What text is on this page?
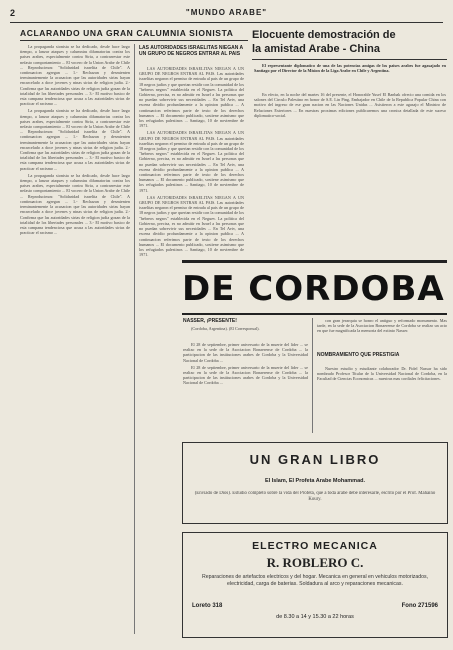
2	"MUNDO ARABE"
ACLARANDO UNA GRAN CALUMNIA SIONISTA

La propaganda sionista se ha dedicado, desde hace largo tiempo, a lanzar ataques y calumnias difamatorias contra los paises arabes, especialmente contra Siria, a contrarrestar este nefasto comportamiento ... El vocero de la Union Arabe de Chile ... Reproducimos: "Solidaridad israelita de Chile". A continuacion agregan ... 1.- Rechazan y desmienten terminantemente la acusacion que las autoridades sirias hayan encarcelado a doce jovenes y ninas sirias de religion judia. 2.- Confirma que las autoridades sirias de religion judia gozan de la totalidad de los libertades personales ... 3.- El motivo basico de esta campana tendenciosa que acusa a las autoridades sirias de practicar el racismo ...

La propaganda sionista se ha dedicado, desde hace largo tiempo, a lanzar ataques y calumnias difamatorias contra los paises arabes, especialmente contra Siria, a contrarrestar este nefasto comportamiento ... El vocero de la Union Arabe de Chile ... Reproducimos: "Solidaridad israelita de Chile". A continuacion agregan ... 1.- Rechazan y desmienten terminantemente la acusacion que las autoridades sirias hayan encarcelado a doce jovenes y ninas sirias de religion judia. 2.- Confirma que las autoridades sirias de religion judia gozan de la totalidad de los libertades personales ... 3.- El motivo basico de esta campana tendenciosa que acusa a las autoridades sirias de practicar el racismo ...

La propaganda sionista se ha dedicado, desde hace largo tiempo, a lanzar ataques y calumnias difamatorias contra los paises arabes, especialmente contra Siria, a contrarrestar este nefasto comportamiento ... El vocero de la Union Arabe de Chile ... Reproducimos: "Solidaridad israelita de Chile". A continuacion agregan ... 1.- Rechazan y desmienten terminantemente la acusacion que las autoridades sirias hayan encarcelado a doce jovenes y ninas sirias de religion judia. 2.- Confirma que las autoridades sirias de religion judia gozan de la totalidad de los libertades personales ... 3.- El motivo basico de esta campana tendenciosa que acusa a las autoridades sirias de practicar el racismo ...

LAS AUTORIDADES ISRAELITAS NIEGAN A UN GRUPO DE NEGROS ENTRAR AL PAIS

LAS AUTORIDADES ISRAELITAS NIEGAN A UN GRUPO DE NEGROS ENTRAR AL PAIS. Las autoridades israelitas negaron el permiso de entrada al pais de un grupo de 18 negros judios y que querian residir con la comunidad de los "hebreos negros" establecida en el Neguev. La politica del Gobierno, precisa, es no admitir en Israel a las personas que no puedan sobrevivir sus necesidades ... En Tel Aviv, una escena dividio profundamente a la opinion publica ... A continuacion referimos parte de texto de los derechos humanos ... El documento publicado, sostiene asimismo que los refugiados palestinos ... Santiago, 10 de noviembre de 1971.

LAS AUTORIDADES ISRAELITAS NIEGAN A UN GRUPO DE NEGROS ENTRAR AL PAIS. Las autoridades israelitas negaron el permiso de entrada al pais de un grupo de 18 negros judios y que querian residir con la comunidad de los "hebreos negros" establecida en el Neguev. La politica del Gobierno, precisa, es no admitir en Israel a las personas que no puedan sobrevivir sus necesidades ... En Tel Aviv, una escena dividio profundamente a la opinion publica ... A continuacion referimos parte de texto de los derechos humanos ... El documento publicado, sostiene asimismo que los refugiados palestinos ... Santiago, 10 de noviembre de 1971.

LAS AUTORIDADES ISRAELITAS NIEGAN A UN GRUPO DE NEGROS ENTRAR AL PAIS. Las autoridades israelitas negaron el permiso de entrada al pais de un grupo de 18 negros judios y que querian residir con la comunidad de los "hebreos negros" establecida en el Neguev. La politica del Gobierno, precisa, es no admitir en Israel a las personas que no puedan sobrevivir sus necesidades ... En Tel Aviv, una escena dividio profundamente a la opinion publica ... A continuacion referimos parte de texto de los derechos humanos ... El documento publicado, sostiene asimismo que los refugiados palestinos ... Santiago, 10 de noviembre de 1971.

Elocuente demostración de
la amistad Arabe - China

El representante diplomatico de una de las potencias amigas de los paises arabes fue agasajado en Santiago por el Director de la Mision de la Liga Arabe en Chile y Argentina.

En efecto, en la noche del martes 16 del presente, el Honorable Yusef El Banbak ofrecio una comida en los salones del Circulo Palestino en honor de S.E. Lin Ping, Embajador en Chile de la Republica Popular China con motivo del ingreso de ese gran nacion en las Naciones Unidas ... Asistieron a este agasajo el Ministro de Relaciones Exteriores ... En nuestras proximas ediciones publicaremos una cronica detallada de este suceso diplomatico-social.

DE CORDOBA
NASSER, ¡PRESENTE!

(Cordoba, Argentina). (El Corresponsal).

El 28 de septiembre, primer aniversario de la muerte del lider ... se realizo en la sede de la Asociacion Bonaerense de Cordoba ... la participacion de las instituciones arabes de Cordoba y la Universidad Nacional de Cordoba ...

El 28 de septiembre, primer aniversario de la muerte del lider ... se realizo en la sede de la Asociacion Bonaerense de Cordoba ... la participacion de las instituciones arabes de Cordoba y la Universidad Nacional de Cordoba ...

con gran jerarquia se honro el antiguo y reformado monumento. Mas tarde, en la sede de la Asociacion Bonaerense de Cordoba se realizo un acto en que fue magnificada la memoria del extinto Nasser.

NOMBRAMIENTO QUE PRESTIGIA

Nuestro estudio y estudiante colaborador Dr. Fidel Nassar ha sido nombrado Profesor Titular de la Universidad Nacional de Cordoba, en la Facultad de Ciencias Economicas ... nuestras mas cordiales felicitaciones.

UN GRAN LIBRO
El Islam, El Profeta Arabe Mohammad.
(Enviado de Dios). Estudio completo sobre la vida del Profeta, que a toda arabe debe interesarle, escrito por el Prof. Mahaino Koury.
ELECTRO MECANICA
R. ROBLERO C.
Reparaciones de artefactos electricos y del hogar. Mecanica en general en vehiculos motorizados, electricidad, carga de baterias. Soldadura al arco y reparaciones mecanicas.
Loreto 318	Fono 271596
de 8.30 a 14 y 15.30 a 22 horas
